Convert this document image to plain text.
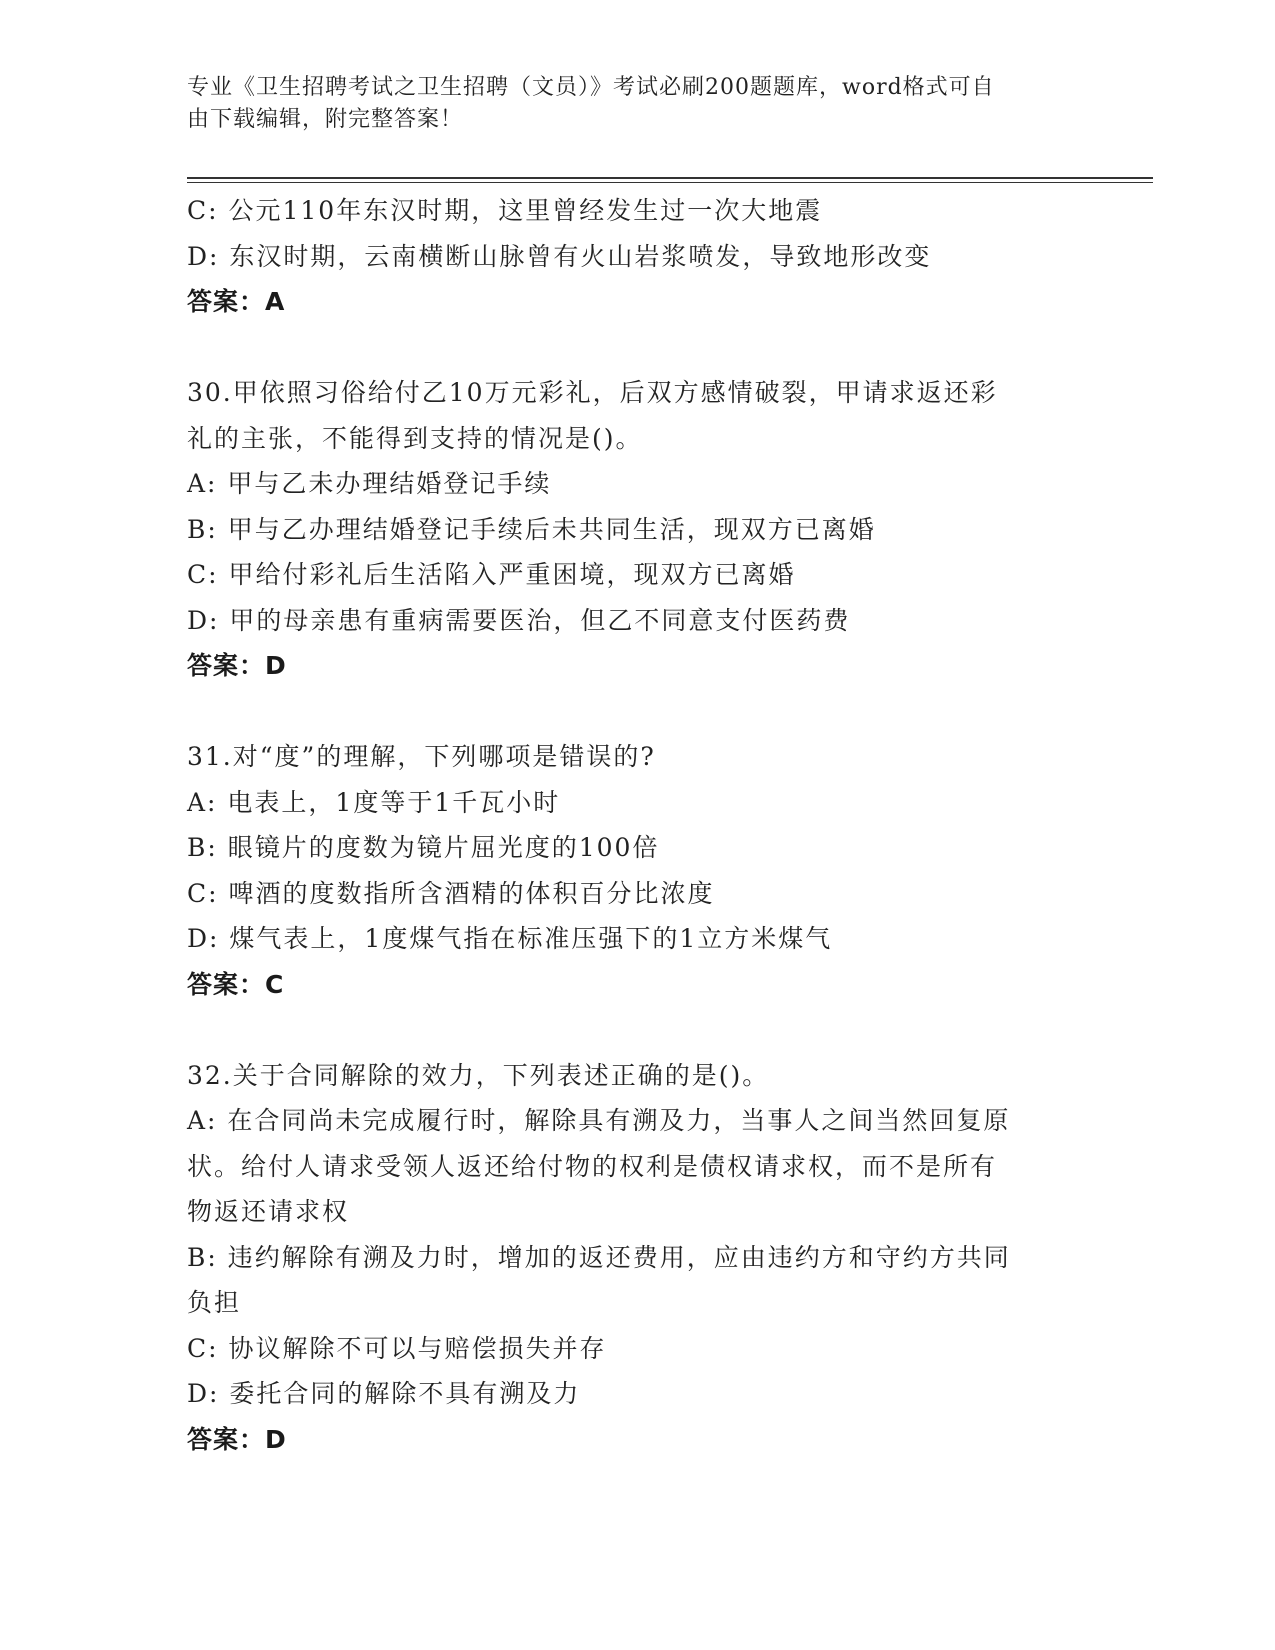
专业《卫生招聘考试之卫生招聘（文员）》考试必刷200题题库，word格式可自
由下载编辑，附完整答案！
C: 公元110年东汉时期，这里曾经发生过一次大地震
D: 东汉时期，云南横断山脉曾有火山岩浆喷发，导致地形改变
答案：A
30.甲依照习俗给付乙10万元彩礼，后双方感情破裂，甲请求返还彩
礼的主张，不能得到支持的情况是()。
A: 甲与乙未办理结婚登记手续
B: 甲与乙办理结婚登记手续后未共同生活，现双方已离婚
C: 甲给付彩礼后生活陷入严重困境，现双方已离婚
D: 甲的母亲患有重病需要医治，但乙不同意支付医药费
答案：D
31.对“度”的理解，下列哪项是错误的?
A: 电表上，1度等于1千瓦小时
B: 眼镜片的度数为镜片屈光度的100倍
C: 啤酒的度数指所含酒精的体积百分比浓度
D: 煤气表上，1度煤气指在标准压强下的1立方米煤气
答案：C
32.关于合同解除的效力，下列表述正确的是()。
A: 在合同尚未完成履行时，解除具有溯及力，当事人之间当然回复原
状。给付人请求受领人返还给付物的权利是债权请求权，而不是所有
物返还请求权
B: 违约解除有溯及力时，增加的返还费用，应由违约方和守约方共同
负担
C: 协议解除不可以与赔偿损失并存
D: 委托合同的解除不具有溯及力
答案：D
